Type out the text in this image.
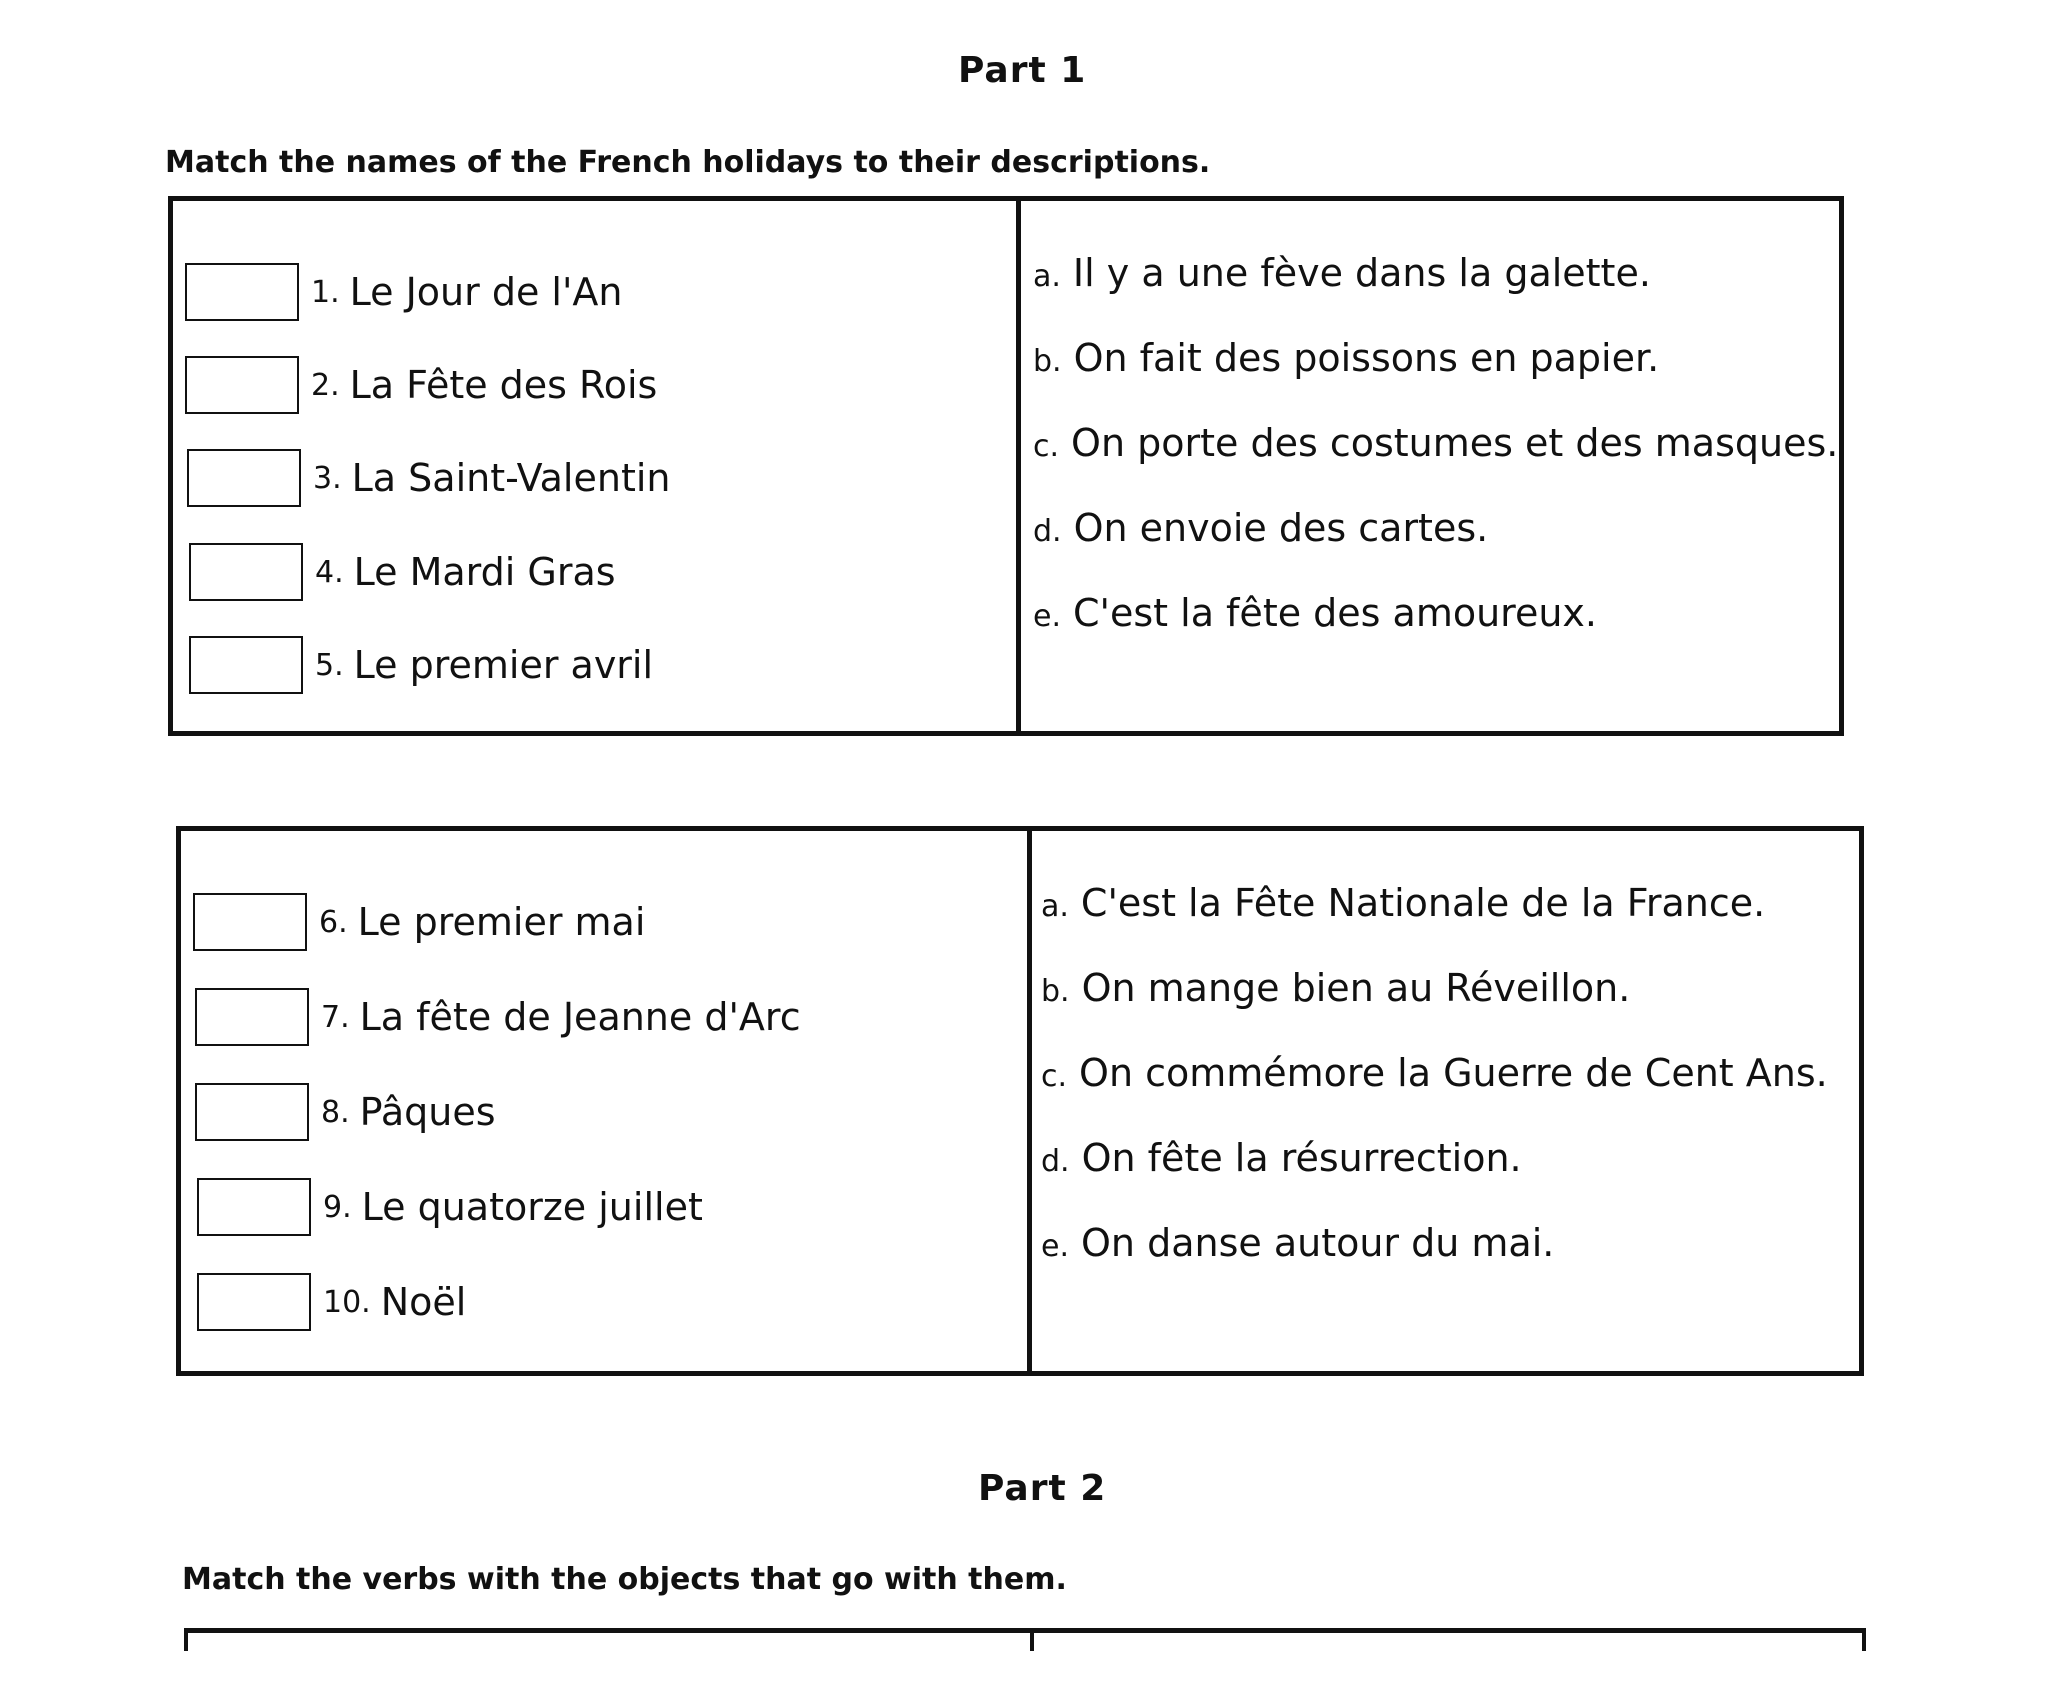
Part 1
Match the names of the French holidays to their descriptions.
1. Le Jour de l'An
2. La Fête des Rois
3. La Saint-Valentin
4. Le Mardi Gras
5. Le premier avril
a. Il y a une fève dans la galette.
b. On fait des poissons en papier.
c. On porte des costumes et des masques.
d. On envoie des cartes.
e. C'est la fête des amoureux.
6. Le premier mai
7. La fête de Jeanne d'Arc
8. Pâques
9. Le quatorze juillet
10. Noël
a. C'est la Fête Nationale de la France.
b. On mange bien au Réveillon.
c. On commémore la Guerre de Cent Ans.
d. On fête la résurrection.
e. On danse autour du mai.
Part 2
Match the verbs with the objects that go with them.
